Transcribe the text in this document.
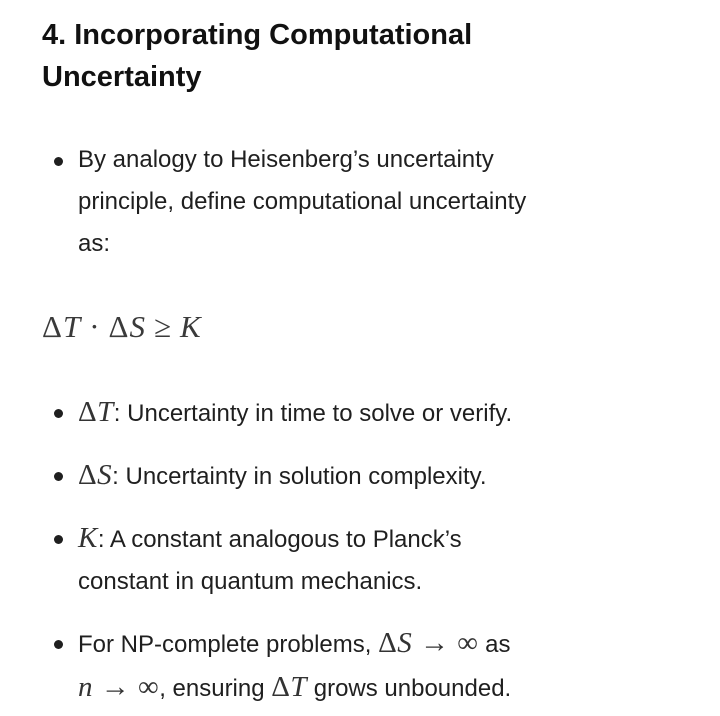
4. Incorporating Computational
Uncertainty
By analogy to Heisenberg’s uncertainty
principle, define computational uncertainty
as:
ΔT · ΔS ≥ K
ΔT: Uncertainty in time to solve or verify.
ΔS: Uncertainty in solution complexity.
K: A constant analogous to Planck’s
constant in quantum mechanics.
For NP-complete problems, ΔS → ∞ as
n → ∞, ensuring ΔT grows unbounded.
